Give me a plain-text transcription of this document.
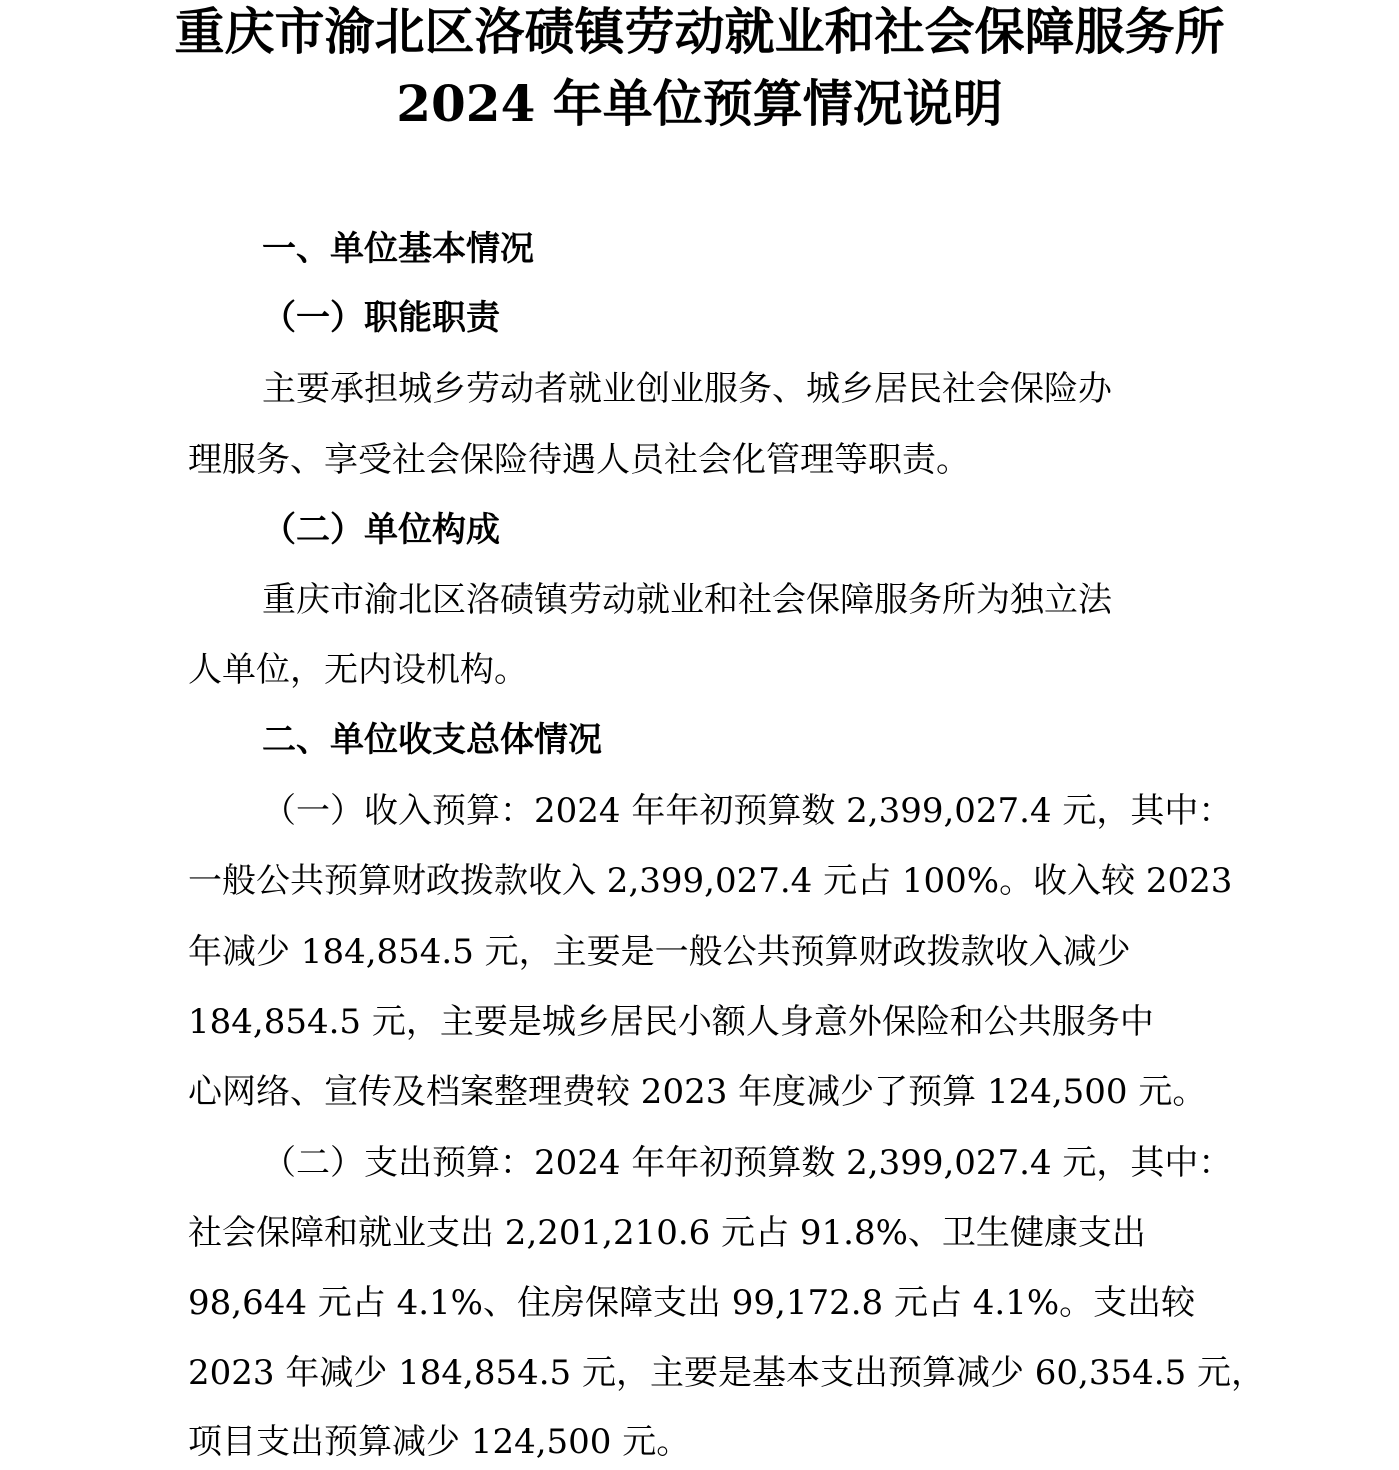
重庆市渝北区洛碛镇劳动就业和社会保障服务所
2024 年单位预算情况说明
一、单位基本情况
（一）职能职责

主要承担城乡劳动者就业创业服务、城乡居民社会保险办

理服务、享受社会保险待遇人员社会化管理等职责。

（二）单位构成

重庆市渝北区洛碛镇劳动就业和社会保障服务所为独立法

人单位，无内设机构。

二、单位收支总体情况

（一）收入预算：2024 年年初预算数 2,399,027.4 元，其中：

一般公共预算财政拨款收入 2,399,027.4 元占 100%。收入较 2023

年减少 184,854.5 元，主要是一般公共预算财政拨款收入减少

184,854.5 元，主要是城乡居民小额人身意外保险和公共服务中

心网络、宣传及档案整理费较 2023 年度减少了预算 124,500 元。

（二）支出预算：2024 年年初预算数 2,399,027.4 元，其中：

社会保障和就业支出 2,201,210.6 元占 91.8%、卫生健康支出

98,644 元占 4.1%、住房保障支出 99,172.8 元占 4.1%。支出较

2023 年减少 184,854.5 元，主要是基本支出预算减少 60,354.5 元，

项目支出预算减少 124,500 元。
